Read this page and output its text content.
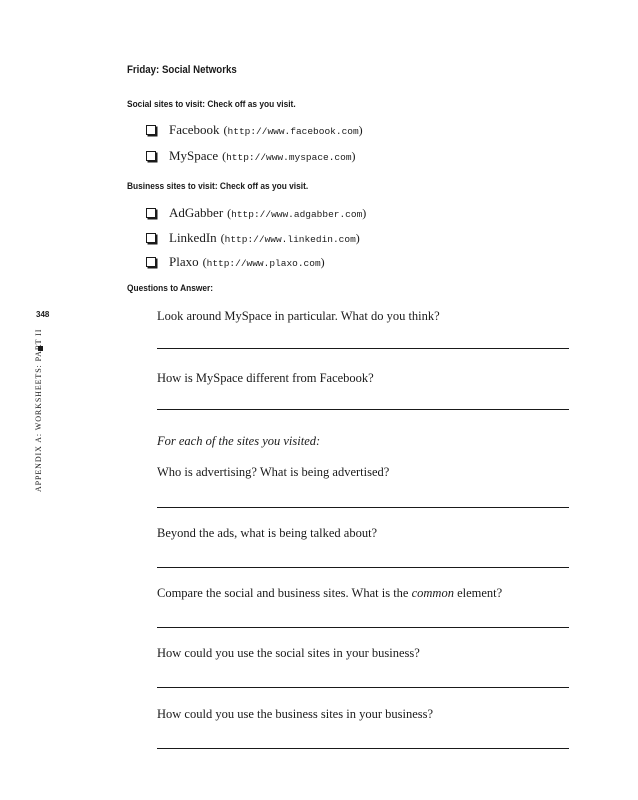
348
APPENDIX A: WORKSHEETS: PART II
Friday: Social Networks
Social sites to visit: Check off as you visit.
Facebook (http://www.facebook.com)
MySpace (http://www.myspace.com)
Business sites to visit: Check off as you visit.
AdGabber (http://www.adgabber.com)
LinkedIn (http://www.linkedin.com)
Plaxo (http://www.plaxo.com)
Questions to Answer:
Look around MySpace in particular. What do you think?
How is MySpace different from Facebook?
For each of the sites you visited:
Who is advertising? What is being advertised?
Beyond the ads, what is being talked about?
Compare the social and business sites. What is the common element?
How could you use the social sites in your business?
How could you use the business sites in your business?
